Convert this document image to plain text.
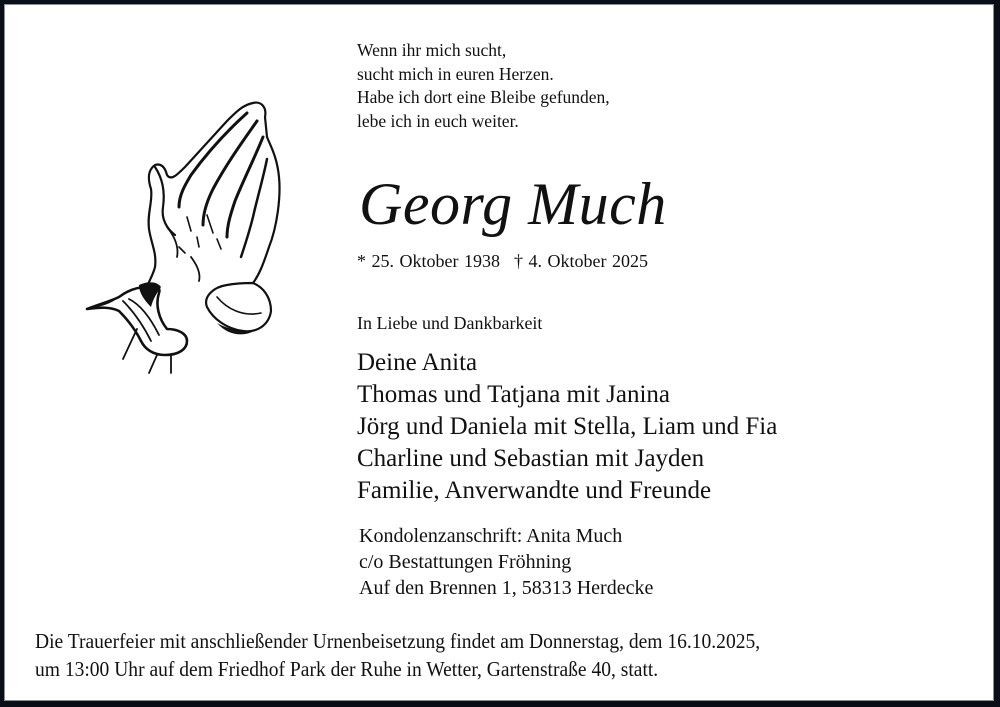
Wenn ihr mich sucht,
sucht mich in euren Herzen.
Habe ich dort eine Bleibe gefunden,
lebe ich in euch weiter.
Georg Much
* 25. Oktober 1938 † 4. Oktober 2025
In Liebe und Dankbarkeit
Deine Anita
Thomas und Tatjana mit Janina
Jörg und Daniela mit Stella, Liam und Fia
Charline und Sebastian mit Jayden
Familie, Anverwandte und Freunde
Kondolenzanschrift: Anita Much
c/o Bestattungen Fröhning
Auf den Brennen 1, 58313 Herdecke
Die Trauerfeier mit anschließender Urnenbeisetzung findet am Donnerstag, dem 16.10.2025,
um 13:00 Uhr auf dem Friedhof Park der Ruhe in Wetter, Gartenstraße 40, statt.
